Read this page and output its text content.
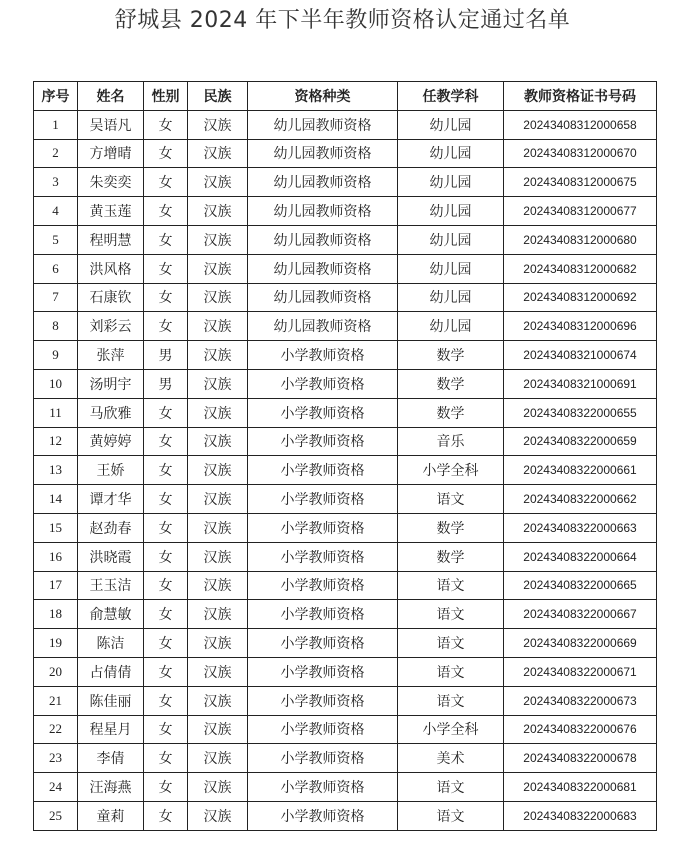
舒城县 2024 年下半年教师资格认定通过名单
序号	姓名	性别	民族	资格种类	任教学科	教师资格证书号码
1	吴语凡	女	汉族	幼儿园教师资格	幼儿园	20243408312000658
2	方增晴	女	汉族	幼儿园教师资格	幼儿园	20243408312000670
3	朱奕奕	女	汉族	幼儿园教师资格	幼儿园	20243408312000675
4	黄玉莲	女	汉族	幼儿园教师资格	幼儿园	20243408312000677
5	程明慧	女	汉族	幼儿园教师资格	幼儿园	20243408312000680
6	洪风格	女	汉族	幼儿园教师资格	幼儿园	20243408312000682
7	石康钦	女	汉族	幼儿园教师资格	幼儿园	20243408312000692
8	刘彩云	女	汉族	幼儿园教师资格	幼儿园	20243408312000696
9	张萍	男	汉族	小学教师资格	数学	20243408321000674
10	汤明宇	男	汉族	小学教师资格	数学	20243408321000691
11	马欣雅	女	汉族	小学教师资格	数学	20243408322000655
12	黄婷婷	女	汉族	小学教师资格	音乐	20243408322000659
13	王娇	女	汉族	小学教师资格	小学全科	20243408322000661
14	谭才华	女	汉族	小学教师资格	语文	20243408322000662
15	赵劲春	女	汉族	小学教师资格	数学	20243408322000663
16	洪晓霞	女	汉族	小学教师资格	数学	20243408322000664
17	王玉洁	女	汉族	小学教师资格	语文	20243408322000665
18	俞慧敏	女	汉族	小学教师资格	语文	20243408322000667
19	陈洁	女	汉族	小学教师资格	语文	20243408322000669
20	占倩倩	女	汉族	小学教师资格	语文	20243408322000671
21	陈佳丽	女	汉族	小学教师资格	语文	20243408322000673
22	程星月	女	汉族	小学教师资格	小学全科	20243408322000676
23	李倩	女	汉族	小学教师资格	美术	20243408322000678
24	汪海燕	女	汉族	小学教师资格	语文	20243408322000681
25	童莉	女	汉族	小学教师资格	语文	20243408322000683
